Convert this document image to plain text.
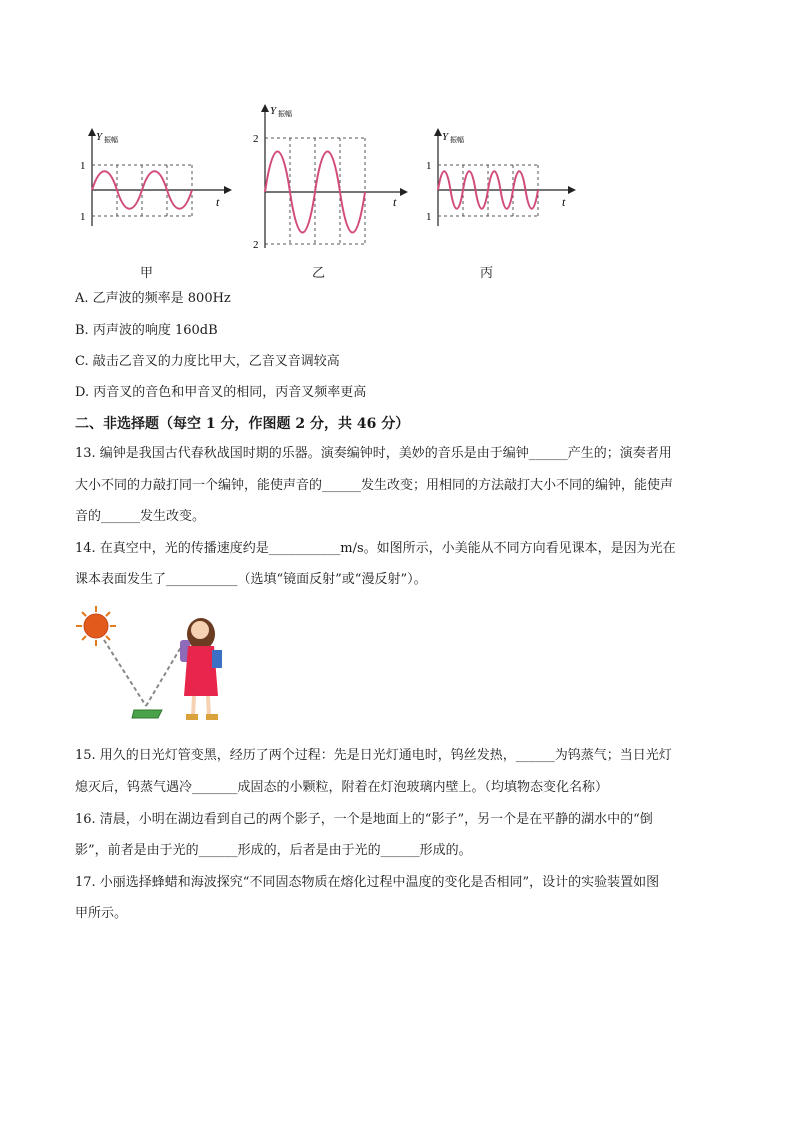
Y 振幅
1
1
t
甲
Y 振幅
2
2
t
乙
Y 振幅
1
1
t
丙
A. 乙声波的频率是 800Hz
B. 丙声波的响度 160dB
C. 敲击乙音叉的力度比甲大，乙音叉音调较高
D. 丙音叉的音色和甲音叉的相同，丙音叉频率更高
二、非选择题（每空 1 分，作图题 2 分，共 46 分）
13. 编钟是我国古代春秋战国时期的乐器。演奏编钟时，美妙的音乐是由于编钟______产生的；演奏者用
大小不同的力敲打同一个编钟，能使声音的______发生改变；用相同的方法敲打大小不同的编钟，能使声
音的______发生改变。
14. 在真空中，光的传播速度约是___________m/s。如图所示，小美能从不同方向看见课本，是因为光在
课本表面发生了___________（选填“镜面反射”或“漫反射”）。
15. 用久的日光灯管变黑，经历了两个过程：先是日光灯通电时，钨丝发热，______为钨蒸气；当日光灯
熄灭后，钨蒸气遇冷_______成固态的小颗粒，附着在灯泡玻璃内壁上。（均填物态变化名称）
16. 清晨，小明在湖边看到自己的两个影子，一个是地面上的“影子”，另一个是在平静的湖水中的“倒
影”，前者是由于光的______形成的，后者是由于光的______形成的。
17. 小丽选择蜂蜡和海波探究“不同固态物质在熔化过程中温度的变化是否相同”，设计的实验装置如图
甲所示。
